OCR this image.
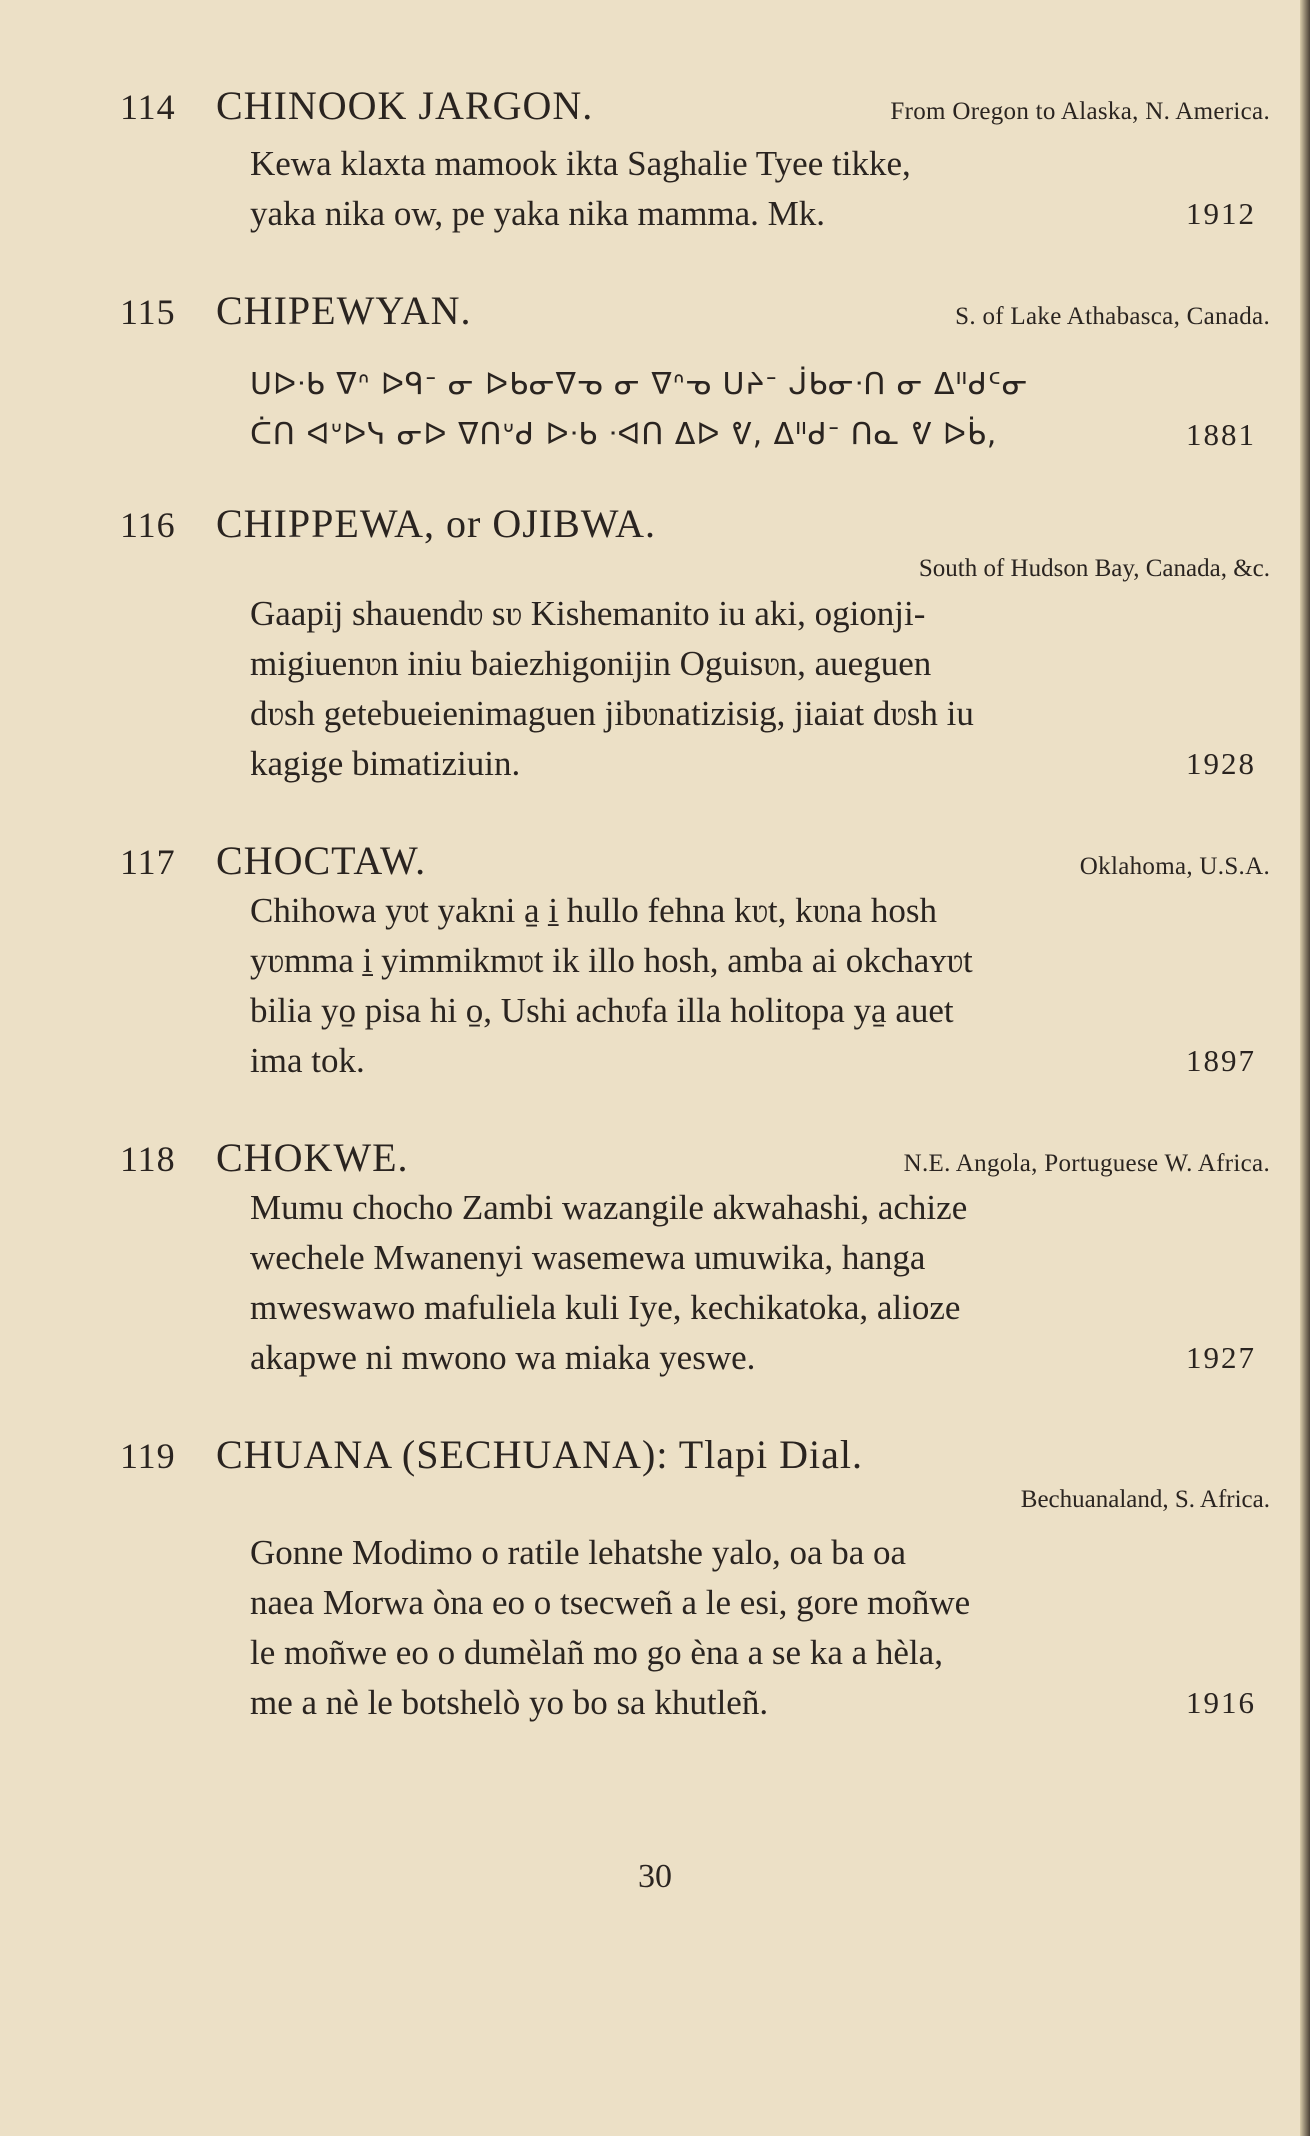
114	CHINOOK JARGON.	From Oregon to Alaska, N. America.
Kewa klaxta mamook ikta Saghalie Tyee tikke,
yaka nika ow, pe yaka nika mamma. Mk.	1912
115	CHIPEWYAN.	S. of Lake Athabasca, Canada.
ᑌᐅᐧᑲ ᐁᐢ ᐅᑫᐨ ᓂ ᐅᑲᓂᐁᓀ ᓂ ᐁᐢᓀ ᑌᔨᐨ ᒎᑲᓂᐧᑎ ᓂ ᐃᐦᑯᑦᓂ
ᑖᑎ ᐊᐡᐅᓭ ᓂᐅ ᐁᑎᐡᑯ ᐅᐧᑲ ᐧᐊᑎ ᐃᐅ ᕓ, ᐃᐦᑯᐨ ᑎᓇ ᕓ ᐅᑳ,	1881
116	CHIPPEWA, or OJIBWA.
South of Hudson Bay, Canada, &c.
Gaapij shauendʋ sʋ Kishemanito iu aki, ogionji-
migiuenʋn iniu baiezhigonijin Oguisʋn, aueguen
dʋsh getebueienimaguen jibʋnatizisig, jiaiat dʋsh iu
kagige bimatiziuin.	1928
117	CHOCTAW.	Oklahoma, U.S.A.
Chihowa yʋt yakni a̱ i̱ hullo fehna kʋt, kʋna hosh
yʋmma i̱ yimmikmʋt ik illo hosh, amba ai okchaʏʋt
bilia yo̱ pisa hi o̱, Ushi achʋfa illa holitopa ya̱ auet
ima tok.	1897
118	CHOKWE.	N.E. Angola, Portuguese W. Africa.
Mumu chocho Zambi wazangile akwahashi, achize
wechele Mwanenyi wasemewa umuwika, hanga
mweswawo mafuliela kuli Iye, kechikatoka, alioze
akapwe ni mwono wa miaka yeswe.	1927
119	CHUANA (SECHUANA): Tlapi Dial.
Bechuanaland, S. Africa.
Gonne Modimo o ratile lehatshe yalo, oa ba oa
naea Morwa ònа eo o tsecweñ a le esi, gore moñwe
le moñwe eo o dumèlañ mo go èna a se ka a hèla,
me a nè le botshelò yo bo sa khutleñ.	1916
30
